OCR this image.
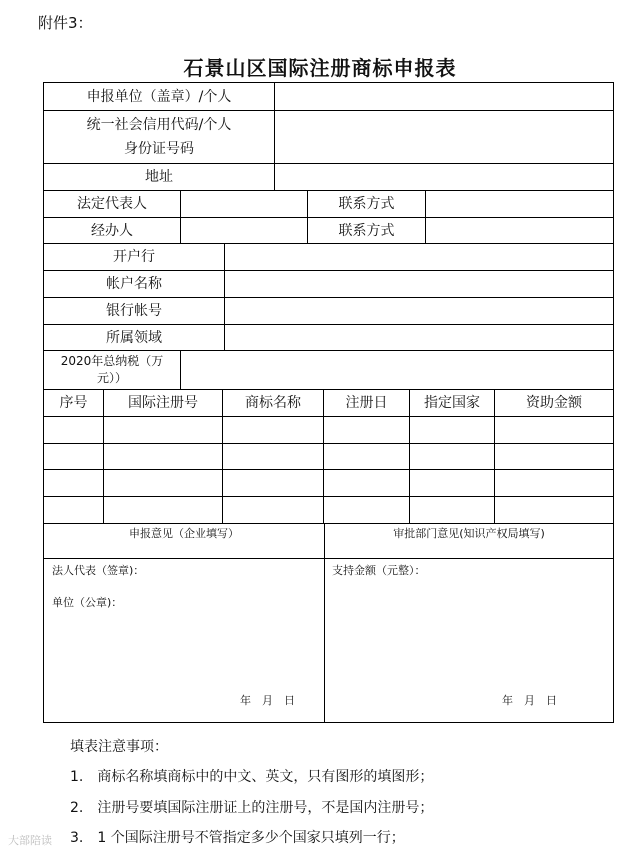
附件3：
石景山区国际注册商标申报表
申报单位（盖章）/个人
统一社会信用代码/个人
身份证号码
地址
法定代表人	联系方式
经办人	联系方式
开户行
帐户名称
银行帐号
所属领域
2020年总纳税（万
元））
序号	国际注册号	商标名称	注册日	指定国家	资助金额
申报意见（企业填写）	审批部门意见(知识产权局填写)
法人代表（签章)：
单位（公章)：
支持金额（元整）：
年　月　日	年　月　日
填表注意事项：
1.　商标名称填商标中的中文、英文，只有图形的填图形；
2.　注册号要填国际注册证上的注册号，不是国内注册号；
3.　1 个国际注册号不管指定多少个国家只填列一行；
大部陪读
